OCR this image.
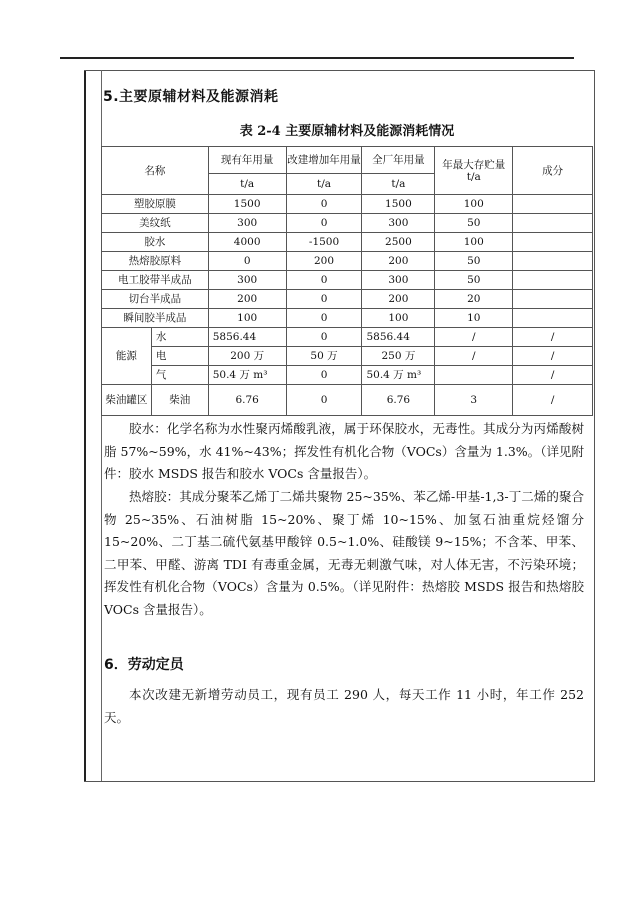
5.主要原辅材料及能源消耗
表 2-4 主要原辅材料及能源消耗情况
名称		现有年用量	改建增加年用量	全厂年用量	年最大存贮量 t/a	成分
		t/a	t/a	t/a		
塑胶原膜		1500	0	1500	100	
美纹纸		300	0	300	50	
胶水		4000	-1500	2500	100	
热熔胶原料		0	200	200	50	
电工胶带半成品		300	0	300	50	
切台半成品		200	0	200	20	
瞬间胶半成品		100	0	100	10	
能源	水	5856.44	0	5856.44	/	/
	电	200 万	50 万	250 万	/	/
	气	50.4 万 m³	0	50.4 万 m³		/
柴油罐区	柴油	6.76	0	6.76	3	/

胶水：化学名称为水性聚丙烯酸乳液，属于环保胶水，无毒性。其成分为丙烯酸树脂 57%~59%，水 41%~43%；挥发性有机化合物（VOCs）含量为 1.3%。（详见附件：胶水 MSDS 报告和胶水 VOCs 含量报告）。

热熔胶：其成分聚苯乙烯丁二烯共聚物 25~35%、苯乙烯-甲基-1,3-丁二烯的聚合物 25~35%、石油树脂 15~20%、聚丁烯 10~15%、加氢石油重烷烃馏分 15~20%、二丁基二硫代氨基甲酸锌 0.5~1.0%、硅酸镁 9~15%；不含苯、甲苯、二甲苯、甲醛、游离 TDI 有毒重金属，无毒无刺激气味，对人体无害，不污染环境；挥发性有机化合物（VOCs）含量为 0.5%。（详见附件：热熔胶 MSDS 报告和热熔胶 VOCs 含量报告）。

6．劳动定员

本次改建无新增劳动员工，现有员工 290 人，每天工作 11 小时，年工作 252 天。
